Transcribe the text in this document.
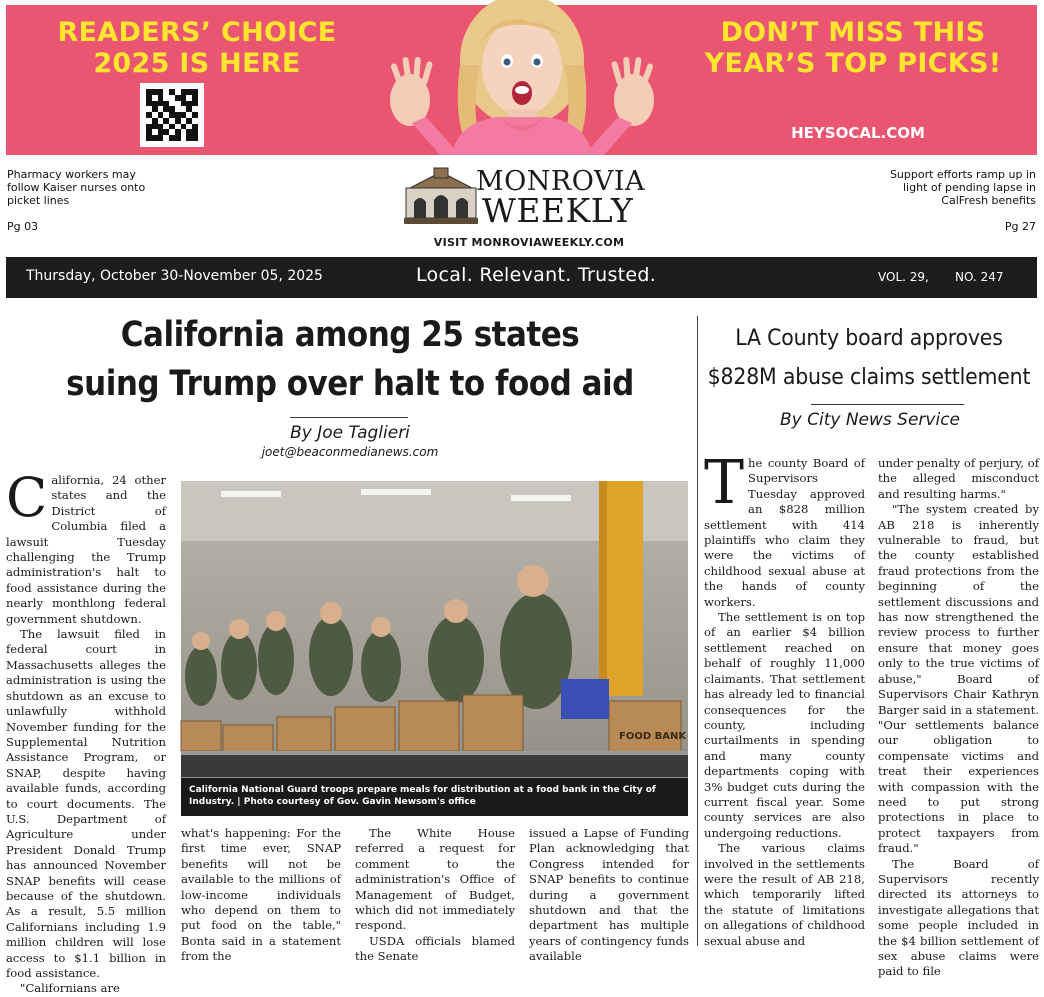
READERS’ CHOICE
2025 IS HERE
DON’T MISS THIS
YEAR’S TOP PICKS!
HEYSOCAL.COM
Pharmacy workers may follow Kaiser nurses onto picket lines
Pg 03
MONROVIA
WEEKLY
VISIT MONROVIAWEEKLY.COM
Support efforts ramp up in light of pending lapse in CalFresh benefits
Pg 27
Thursday, October 30-November 05, 2025	Local. Relevant. Trusted.	VOL. 29, NO. 247
California among 25 states
suing Trump over halt to food aid
By Joe Taglieri
joet@beaconmedianews.com

California, 24 other states and the District of Columbia filed a lawsuit Tuesday challenging the Trump administration's halt to food assistance during the nearly monthlong federal government shutdown.

The lawsuit filed in federal court in Massachusetts alleges the administration is using the shutdown as an excuse to unlawfully withhold November funding for the Supplemental Nutrition Assistance Program, or SNAP, despite having available funds, according to court documents. The U.S. Department of Agriculture under President Donald Trump has announced November SNAP benefits will cease because of the shutdown. As a result, 5.5 million Californians including 1.9 million children will lose access to $1.1 billion in food assistance.

"Californians are

FOOD BANK
California National Guard troops prepare meals for distribution at a food bank in the City of Industry. | Photo courtesy of Gov. Gavin Newsom's office

what's happening: For the first time ever, SNAP benefits will not be available to the millions of low-income individuals who depend on them to put food on the table," Bonta said in a statement from the

The White House referred a request for comment to the administration's Office of Management of Budget, which did not immediately respond.

USDA officials blamed the Senate

issued a Lapse of Funding Plan acknowledging that Congress intended for SNAP benefits to continue during a government shutdown and that the department has multiple years of contingency funds available

LA County board approves
$828M abuse claims settlement
By City News Service

The county Board of Supervisors Tuesday approved an $828 million settlement with 414 plaintiffs who claim they were the victims of childhood sexual abuse at the hands of county workers.

The settlement is on top of an earlier $4 billion settlement reached on behalf of roughly 11,000 claimants. That settlement has already led to financial consequences for the county, including curtailments in spending and many county departments coping with 3% budget cuts during the current fiscal year. Some county services are also undergoing reductions.

The various claims involved in the settlements were the result of AB 218, which temporarily lifted the statute of limitations on allegations of childhood sexual abuse and

under penalty of perjury, of the alleged misconduct and resulting harms."

"The system created by AB 218 is inherently vulnerable to fraud, but the county established fraud protections from the beginning of the settlement discussions and has now strengthened the review process to further ensure that money goes only to the true victims of abuse," Board of Supervisors Chair Kathryn Barger said in a statement. "Our settlements balance our obligation to compensate victims and treat their experiences with compassion with the need to put strong protections in place to protect taxpayers from fraud."

The Board of Supervisors recently directed its attorneys to investigate allegations that some people included in the $4 billion settlement of sex abuse claims were paid to file
